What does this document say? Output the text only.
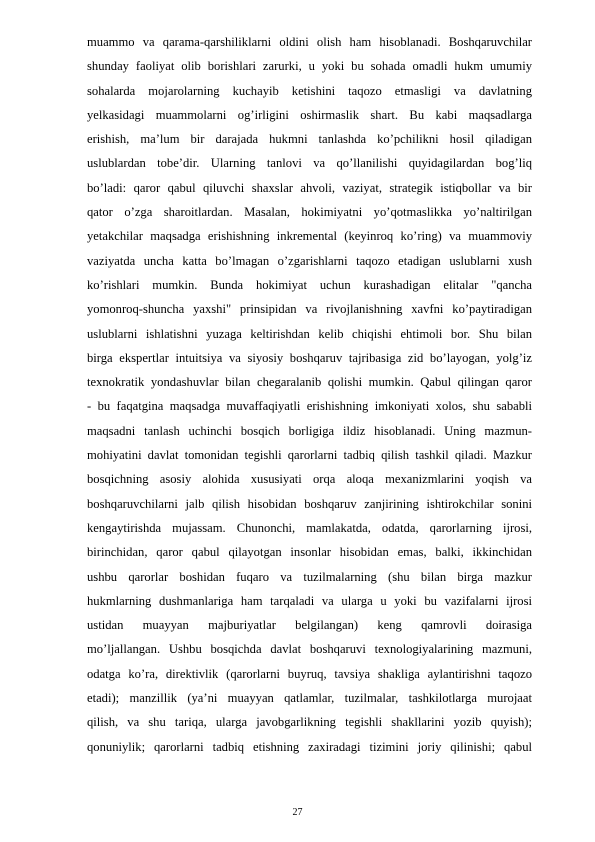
muammo va qarama-qarshiliklarni oldini olish ham hisoblanadi. Boshqaruvchilar
shunday faoliyat olib borishlari zarurki, u yoki bu sohada omadli hukm umumiy
sohalarda mojarolarning kuchayib ketishini taqozo etmasligi va davlatning
yelkasidagi muammolarni og’irligini oshirmaslik shart. Bu kabi maqsadlarga
erishish, ma’lum bir darajada hukmni tanlashda ko’pchilikni hosil qiladigan
uslublardan tobe’dir. Ularning tanlovi va qo’llanilishi quyidagilardan bog’liq
bo’ladi: qaror qabul qiluvchi shaxslar ahvoli, vaziyat, strategik istiqbollar va bir
qator o’zga sharoitlardan. Masalan, hokimiyatni yo’qotmaslikka yo’naltirilgan
yetakchilar maqsadga erishishning inkremental (keyinroq ko’ring) va muammoviy
vaziyatda uncha katta bo’lmagan o’zgarishlarni taqozo etadigan uslublarni xush
ko’rishlari mumkin. Bunda hokimiyat uchun kurashadigan elitalar "qancha
yomonroq-shuncha yaxshi" prinsipidan va rivojlanishning xavfni ko’paytiradigan
uslublarni ishlatishni yuzaga keltirishdan kelib chiqishi ehtimoli bor. Shu bilan
birga ekspertlar intuitsiya va siyosiy boshqaruv tajribasiga zid bo’layogan, yolg’iz
texnokratik yondashuvlar bilan chegaralanib qolishi mumkin. Qabul qilingan qaror
- bu faqatgina maqsadga muvaffaqiyatli erishishning imkoniyati xolos, shu sababli
maqsadni tanlash uchinchi bosqich borligiga ildiz hisoblanadi. Uning mazmun-
mohiyatini davlat tomonidan tegishli qarorlarni tadbiq qilish tashkil qiladi. Mazkur
bosqichning asosiy alohida xususiyati orqa aloqa mexanizmlarini yoqish va
boshqaruvchilarni jalb qilish hisobidan boshqaruv zanjirining ishtirokchilar sonini
kengaytirishda mujassam. Chunonchi, mamlakatda, odatda, qarorlarning ijrosi,
birinchidan, qaror qabul qilayotgan insonlar hisobidan emas, balki, ikkinchidan
ushbu qarorlar boshidan fuqaro va tuzilmalarning (shu bilan birga mazkur
hukmlarning dushmanlariga ham tarqaladi va ularga u yoki bu vazifalarni ijrosi
ustidan muayyan majburiyatlar belgilangan) keng qamrovli doirasiga
mo’ljallangan. Ushbu bosqichda davlat boshqaruvi texnologiyalarining mazmuni,
odatga ko’ra, direktivlik (qarorlarni buyruq, tavsiya shakliga aylantirishni taqozo
etadi); manzillik (ya’ni muayyan qatlamlar, tuzilmalar, tashkilotlarga murojaat
qilish, va shu tariqa, ularga javobgarlikning tegishli shakllarini yozib quyish);
qonuniylik; qarorlarni tadbiq etishning zaxiradagi tizimini joriy qilinishi; qabul
27
